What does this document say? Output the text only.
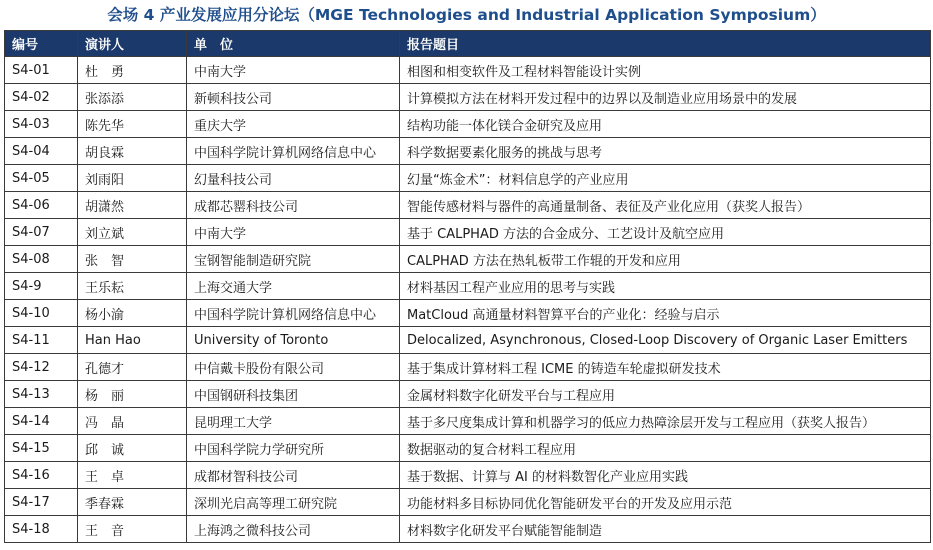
会场 4 产业发展应用分论坛（MGE Technologies and Industrial Application Symposium）
编号	演讲人	单　位	报告题目
S4-01	杜　勇	中南大学	相图和相变软件及工程材料智能设计实例
S4-02	张添添	新顿科技公司	计算模拟方法在材料开发过程中的边界以及制造业应用场景中的发展
S4-03	陈先华	重庆大学	结构功能一体化镁合金研究及应用
S4-04	胡良霖	中国科学院计算机网络信息中心	科学数据要素化服务的挑战与思考
S4-05	刘雨阳	幻量科技公司	幻量“炼金术”：材料信息学的产业应用
S4-06	胡潇然	成都芯罂科技公司	智能传感材料与器件的高通量制备、表征及产业化应用（获奖人报告）
S4-07	刘立斌	中南大学	基于 CALPHAD 方法的合金成分、工艺设计及航空应用
S4-08	张　智	宝钢智能制造研究院	CALPHAD 方法在热轧板带工作辊的开发和应用
S4-9	王乐耘	上海交通大学	材料基因工程产业应用的思考与实践
S4-10	杨小渝	中国科学院计算机网络信息中心	MatCloud 高通量材料智算平台的产业化：经验与启示
S4-11	Han Hao	University of Toronto	Delocalized, Asynchronous, Closed-Loop Discovery of Organic Laser Emitters
S4-12	孔德才	中信戴卡股份有限公司	基于集成计算材料工程 ICME 的铸造车轮虚拟研发技术
S4-13	杨　丽	中国钢研科技集团	金属材料数字化研发平台与工程应用
S4-14	冯　晶	昆明理工大学	基于多尺度集成计算和机器学习的低应力热障涂层开发与工程应用（获奖人报告）
S4-15	邱　诚	中国科学院力学研究所	数据驱动的复合材料工程应用
S4-16	王　卓	成都材智科技公司	基于数据、计算与 AI 的材料数智化产业应用实践
S4-17	季春霖	深圳光启高等理工研究院	功能材料多目标协同优化智能研发平台的开发及应用示范
S4-18	王　音	上海鸿之微科技公司	材料数字化研发平台赋能智能制造
